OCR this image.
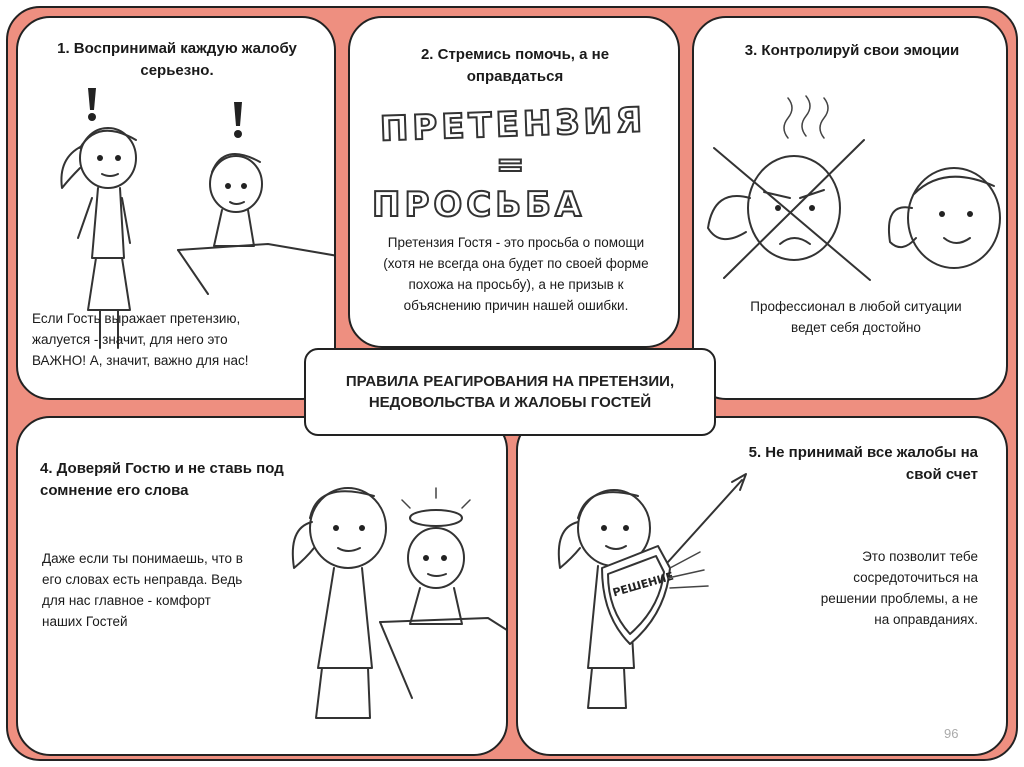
1. Воспринимай каждую жалобу серьезно.
Если Гость выражает претензию,
жалуется - значит, для него это
ВАЖНО! А, значит, важно для нас!
2. Стремись помочь, а не
оправдаться
ПРЕТЕНЗИЯ
=
ПРОСЬБА
Претензия Гостя - это просьба о помощи
(хотя не всегда она будет по своей форме
похожа на просьбу), а не призыв к
объяснению причин нашей ошибки.
3. Контролируй свои эмоции
Профессионал в любой ситуации
ведет себя достойно
4. Доверяй Гостю и не ставь под
сомнение его слова
Даже если ты понимаешь, что в
его словах есть неправда. Ведь
для нас главное - комфорт
наших Гостей
5. Не принимай все жалобы на
свой счет
РЕШЕНИЕ
Это позволит тебе
сосредоточиться на
решении проблемы, а не
на оправданиях.
ПРАВИЛА РЕАГИРОВАНИЯ НА ПРЕТЕНЗИИ,
НЕДОВОЛЬСТВА И ЖАЛОБЫ ГОСТЕЙ
96
